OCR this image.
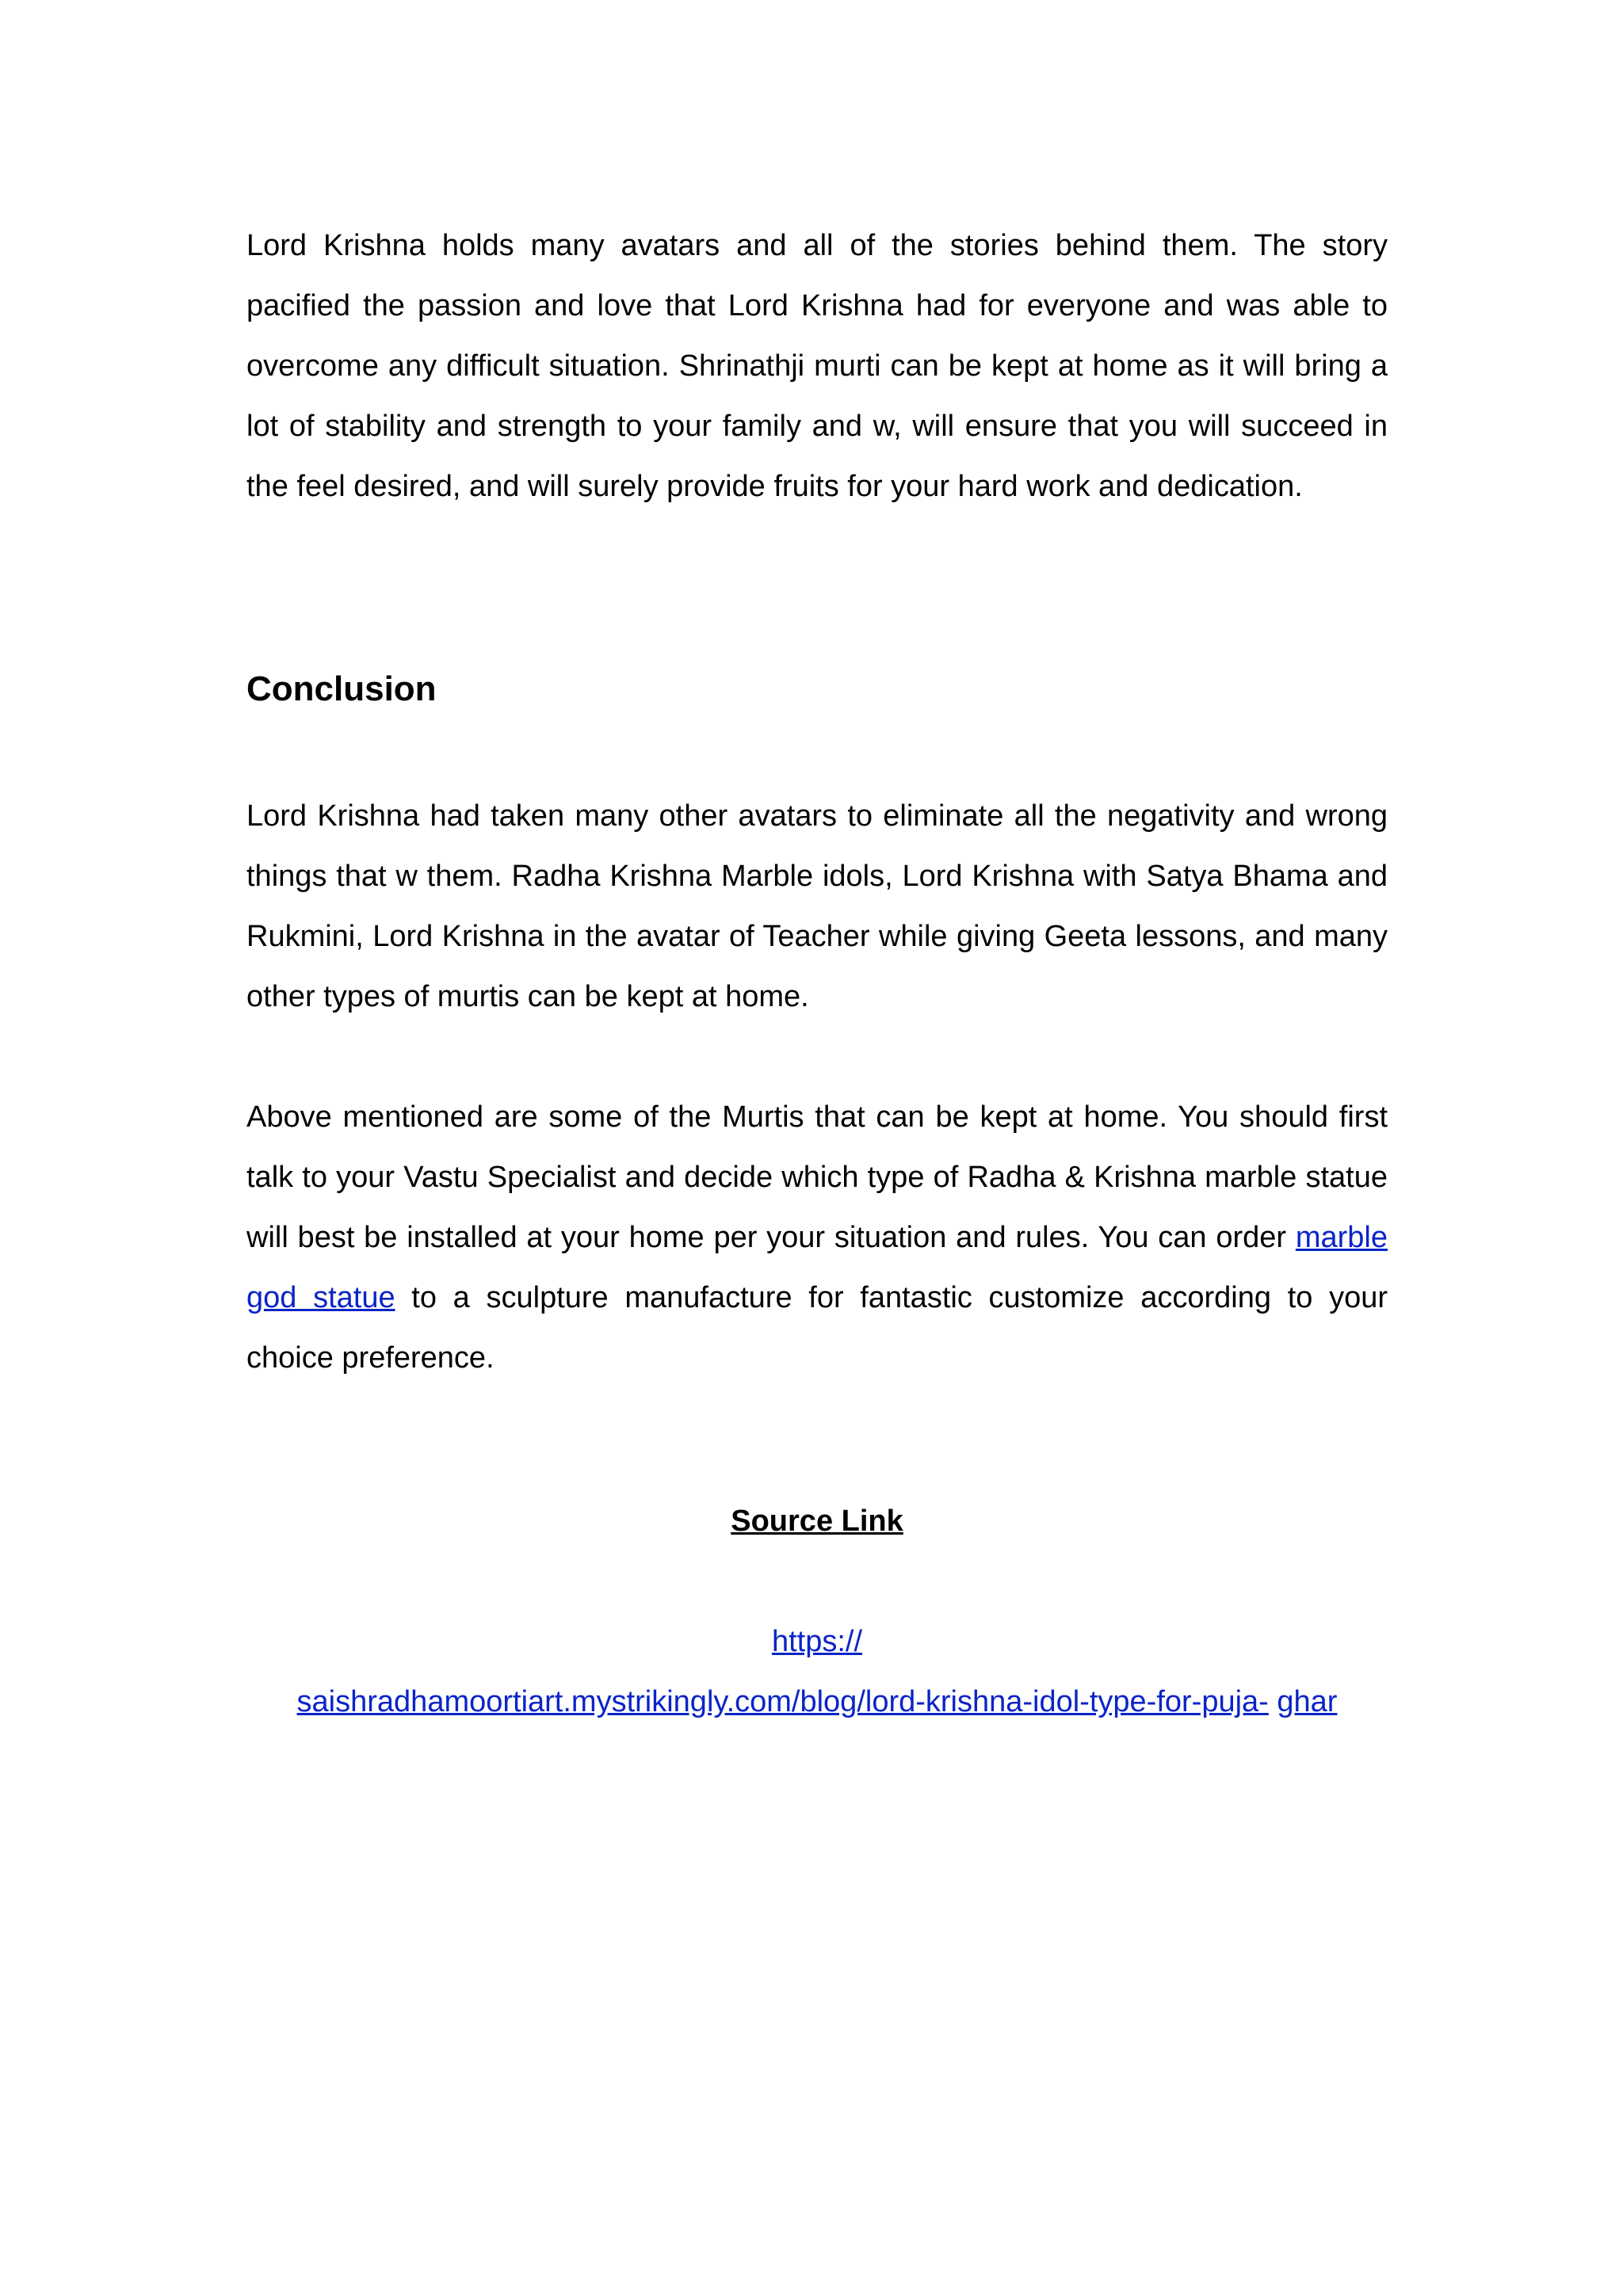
Lord Krishna holds many avatars and all of the stories behind them. The story pacified the passion and love that Lord Krishna had for everyone and was able to overcome any difficult situation. Shrinathji murti can be kept at home as it will bring a lot of stability and strength to your family and w, will ensure that you will succeed in the feel desired, and will surely provide fruits for your hard work and dedication.

Conclusion

Lord Krishna had taken many other avatars to eliminate all the negativity and wrong things that w them. Radha Krishna Marble idols, Lord Krishna with Satya Bhama and Rukmini, Lord Krishna in the avatar of Teacher while giving Geeta lessons, and many other types of murtis can be kept at home.

Above mentioned are some of the Murtis that can be kept at home. You should first talk to your Vastu Specialist and decide which type of Radha & Krishna marble statue will best be installed at your home per your situation and rules. You can order marble god statue to a sculpture manufacture for fantastic customize according to your choice preference.

Source Link

https://

saishradhamoortiart.mystrikingly.com/blog/lord-krishna-idol-type-for-puja- ghar
